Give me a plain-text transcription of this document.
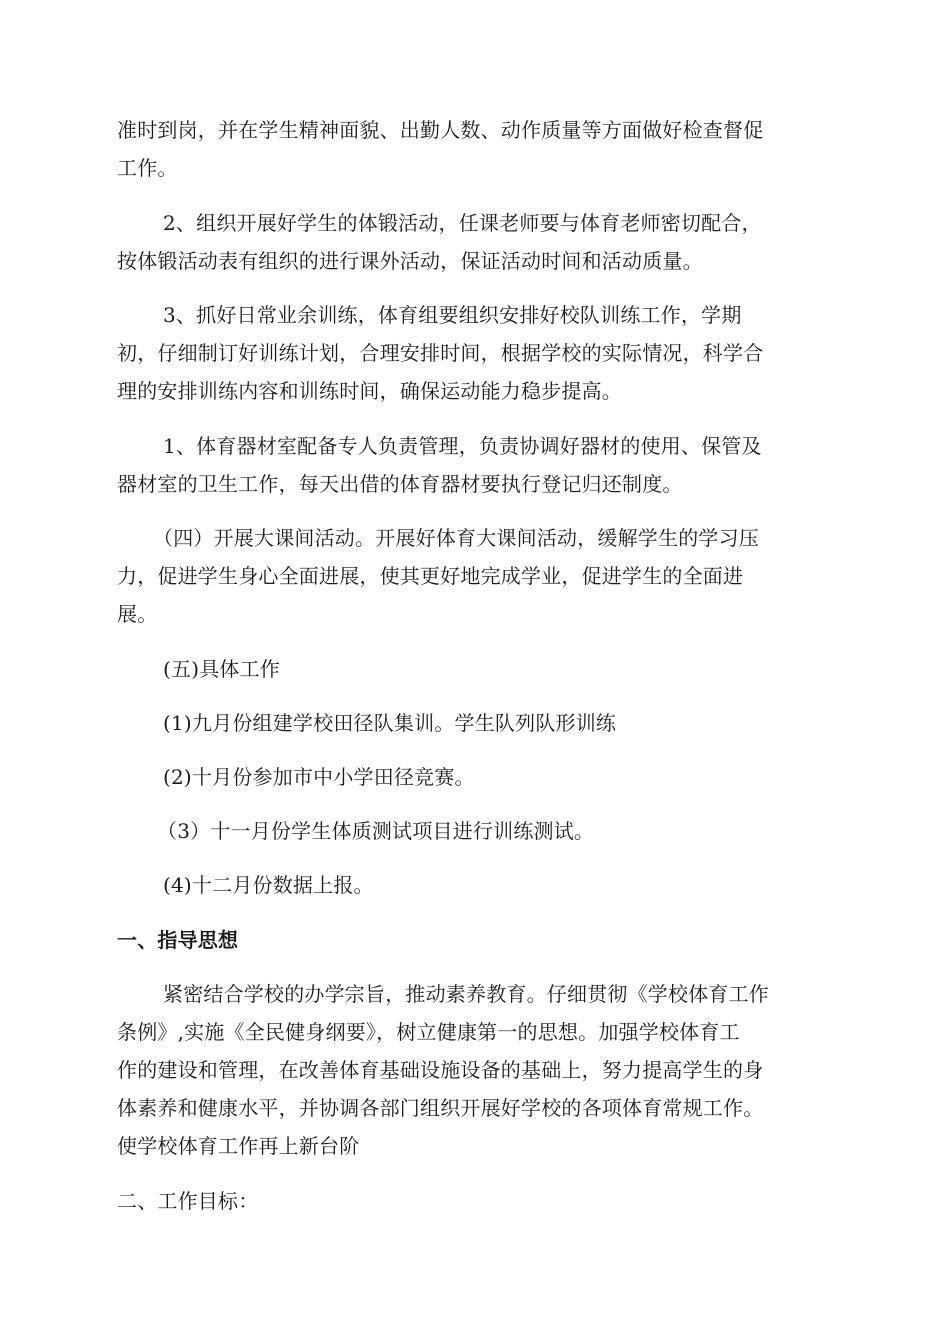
准时到岗，并在学生精神面貌、出勤人数、动作质量等方面做好检查督促
工作。
2、组织开展好学生的体锻活动，任课老师要与体育老师密切配合，
按体锻活动表有组织的进行课外活动，保证活动时间和活动质量。
3、抓好日常业余训练，体育组要组织安排好校队训练工作，学期
初，仔细制订好训练计划，合理安排时间，根据学校的实际情况，科学合
理的安排训练内容和训练时间，确保运动能力稳步提高。
1、体育器材室配备专人负责管理，负责协调好器材的使用、保管及
器材室的卫生工作，每天出借的体育器材要执行登记归还制度。
（四）开展大课间活动。开展好体育大课间活动，缓解学生的学习压
力，促进学生身心全面进展，使其更好地完成学业，促进学生的全面进
展。
(五)具体工作
(1)九月份组建学校田径队集训。学生队列队形训练
(2)十月份参加市中小学田径竞赛。
（3）十一月份学生体质测试项目进行训练测试。
(4)十二月份数据上报。
一、指导思想
紧密结合学校的办学宗旨，推动素养教育。仔细贯彻《学校体育工作
条例》,实施《全民健身纲要》，树立健康第一的思想。加强学校体育工
作的建设和管理，在改善体育基础设施设备的基础上，努力提高学生的身
体素养和健康水平，并协调各部门组织开展好学校的各项体育常规工作。
使学校体育工作再上新台阶
二、工作目标：
